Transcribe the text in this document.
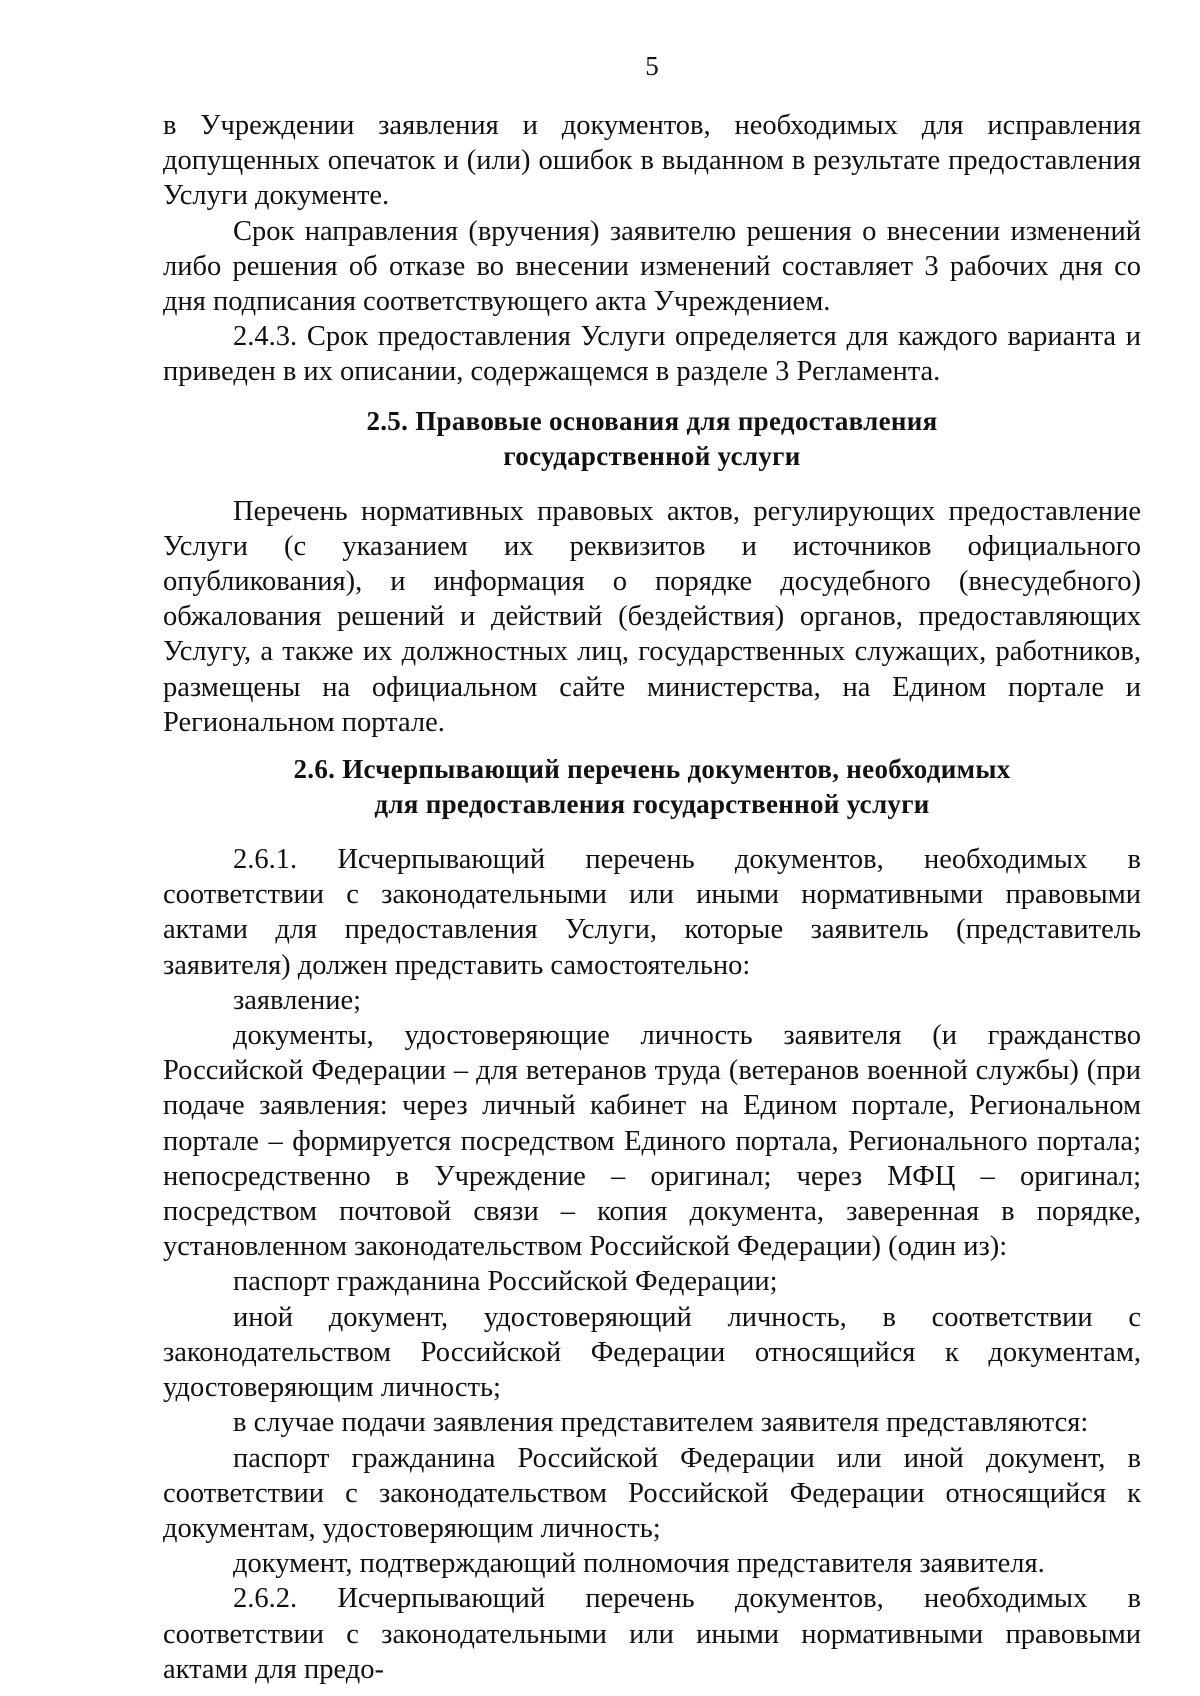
5

в Учреждении заявления и документов, необходимых для исправления допущенных опечаток и (или) ошибок в выданном в результате предоставления Услуги документе.

Срок направления (вручения) заявителю решения о внесении изменений либо решения об отказе во внесении изменений составляет 3 рабочих дня со дня подписания соответствующего акта Учреждением.

2.4.3. Срок предоставления Услуги определяется для каждого варианта и приведен в их описании, содержащемся в разделе 3 Регламента.

2.5. Правовые основания для предоставления
государственной услуги

Перечень нормативных правовых актов, регулирующих предоставление Услуги (с указанием их реквизитов и источников официального опубликования), и информация о порядке досудебного (внесудебного) обжалования решений и действий (бездействия) органов, предоставляющих Услугу, а также их должностных лиц, государственных служащих, работников, размещены на официальном сайте министерства, на Едином портале и Региональном портале.

2.6. Исчерпывающий перечень документов, необходимых
для предоставления государственной услуги

2.6.1. Исчерпывающий перечень документов, необходимых в соответствии с законодательными или иными нормативными правовыми актами для предоставления Услуги, которые заявитель (представитель заявителя) должен представить самостоятельно:

заявление;

документы, удостоверяющие личность заявителя (и гражданство Российской Федерации – для ветеранов труда (ветеранов военной службы) (при подаче заявления: через личный кабинет на Едином портале, Региональном портале – формируется посредством Единого портала, Регионального портала; непосредственно в Учреждение – оригинал; через МФЦ – оригинал; посредством почтовой связи – копия документа, заверенная в порядке, установленном законодательством Российской Федерации) (один из):

паспорт гражданина Российской Федерации;

иной документ, удостоверяющий личность, в соответствии с законодательством Российской Федерации относящийся к документам, удостоверяющим личность;

в случае подачи заявления представителем заявителя представляются:

паспорт гражданина Российской Федерации или иной документ, в соответствии с законодательством Российской Федерации относящийся к документам, удостоверяющим личность;

документ, подтверждающий полномочия представителя заявителя.

2.6.2. Исчерпывающий перечень документов, необходимых в соответствии с законодательными или иными нормативными правовыми актами для предо-
